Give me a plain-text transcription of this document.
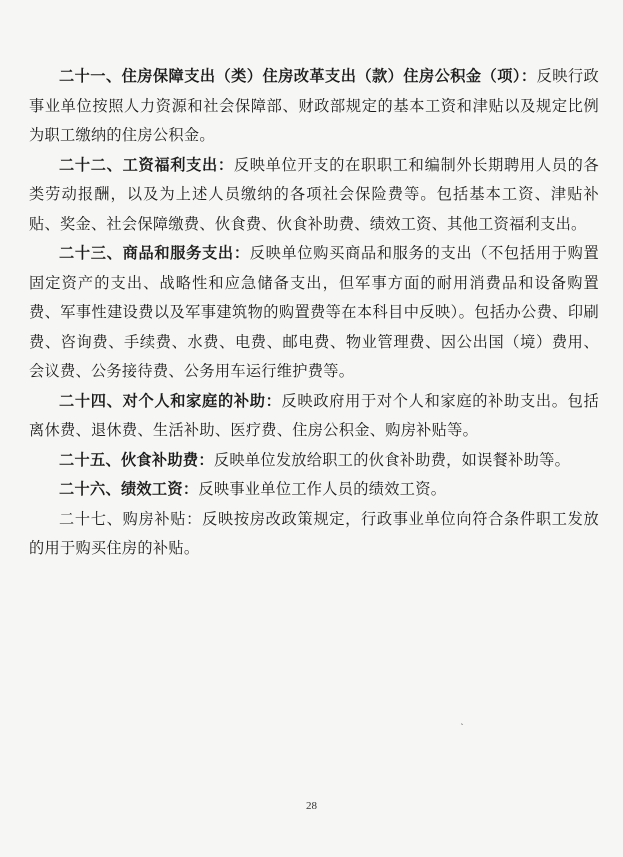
二十一、住房保障支出（类）住房改革支出（款）住房公积金（项）：反映行政事业单位按照人力资源和社会保障部、财政部规定的基本工资和津贴以及规定比例为职工缴纳的住房公积金。

二十二、工资福利支出：反映单位开支的在职职工和编制外长期聘用人员的各类劳动报酬，以及为上述人员缴纳的各项社会保险费等。包括基本工资、津贴补贴、奖金、社会保障缴费、伙食费、伙食补助费、绩效工资、其他工资福利支出。

二十三、商品和服务支出：反映单位购买商品和服务的支出（不包括用于购置固定资产的支出、战略性和应急储备支出，但军事方面的耐用消费品和设备购置费、军事性建设费以及军事建筑物的购置费等在本科目中反映）。包括办公费、印刷费、咨询费、手续费、水费、电费、邮电费、物业管理费、因公出国（境）费用、会议费、公务接待费、公务用车运行维护费等。

二十四、对个人和家庭的补助：反映政府用于对个人和家庭的补助支出。包括离休费、退休费、生活补助、医疗费、住房公积金、购房补贴等。

二十五、伙食补助费：反映单位发放给职工的伙食补助费，如误餐补助等。

二十六、绩效工资：反映事业单位工作人员的绩效工资。

二十七、购房补贴：反映按房改政策规定，行政事业单位向符合条件职工发放的用于购买住房的补贴。

ͺ
28
